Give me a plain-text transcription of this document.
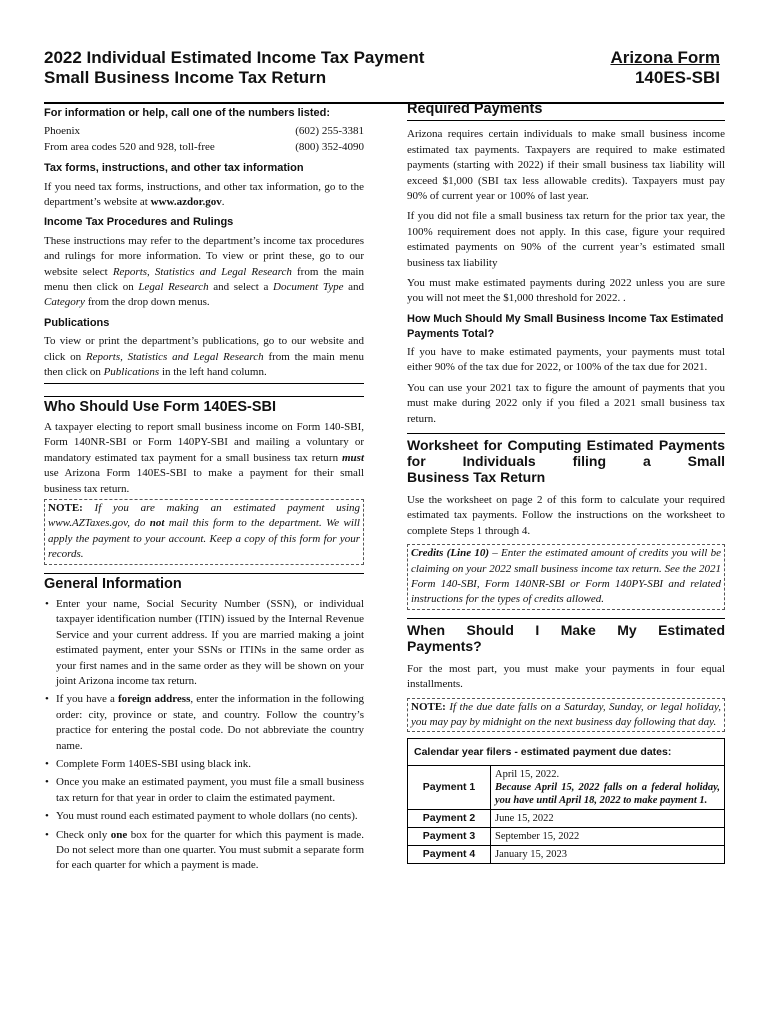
2022 Individual Estimated Income Tax Payment
Small Business Income Tax Return
Arizona Form
140ES-SBI
For information or help, call one of the numbers listed:
Phoenix	(602) 255-3381
From area codes 520 and 928, toll-free	(800) 352-4090
Tax forms, instructions, and other tax information

If you need tax forms, instructions, and other tax information, go to the department’s website at www.azdor.gov.

Income Tax Procedures and Rulings

These instructions may refer to the department’s income tax procedures and rulings for more information. To view or print these, go to our website select Reports, Statistics and Legal Research from the main menu then click on Legal Research and select a Document Type and Category from the drop down menus.

Publications

To view or print the department’s publications, go to our website and click on Reports, Statistics and Legal Research from the main menu then click on Publications in the left hand column.

Who Should Use Form 140ES-SBI

A taxpayer electing to report small business income on Form 140-SBI, Form 140NR-SBI or Form 140PY-SBI and mailing a voluntary or mandatory estimated tax payment for a small business tax return must use Arizona Form 140ES-SBI to make a payment for their small business tax return.

NOTE: If you are making an estimated payment using www.AZTaxes.gov, do not mail this form to the department. We will apply the payment to your account. Keep a copy of this form for your records.
General Information
• Enter your name, Social Security Number (SSN), or individual taxpayer identification number (ITIN) issued by the Internal Revenue Service and your current address. If you are married making a joint estimated payment, enter your SSNs or ITINs in the same order as your first names and in the same order as they will be shown on your joint Arizona income tax return.
• If you have a foreign address, enter the information in the following order: city, province or state, and country. Follow the country’s practice for entering the postal code. Do not abbreviate the country name.
• Complete Form 140ES-SBI using black ink.
• Once you make an estimated payment, you must file a small business tax return for that year in order to claim the estimated payment.
• You must round each estimated payment to whole dollars (no cents).
• Check only one box for the quarter for which this payment is made. Do not select more than one quarter. You must submit a separate form for each quarter for which a payment is made.
Required Payments

Arizona requires certain individuals to make small business income estimated tax payments. Taxpayers are required to make estimated payments (starting with 2022) if their small business tax liability will exceed $1,000 (SBI tax less allowable credits). Taxpayers must pay 90% of current year or 100% of last year.

If you did not file a small business tax return for the prior tax year, the 100% requirement does not apply. In this case, figure your required estimated payments on 90% of the current year’s estimated small business tax liability

You must make estimated payments during 2022 unless you are sure you will not meet the $1,000 threshold for 2022. .

How Much Should My Small Business Income Tax Estimated Payments Total?

If you have to make estimated payments, your payments must total either 90% of the tax due for 2022, or 100% of the tax due for 2021.

You can use your 2021 tax to figure the amount of payments that you must make during 2022 only if you filed a 2021 small business tax return.

Worksheet for Computing Estimated Payments for Individuals filing a Small
Business Tax Return

Use the worksheet on page 2 of this form to calculate your required estimated tax payments. Follow the instructions on the worksheet to complete Steps 1 through 4.

Credits (Line 10) – Enter the estimated amount of credits you will be claiming on your 2022 small business income tax return. See the 2021 Form 140-SBI, Form 140NR-SBI or Form 140PY-SBI and related instructions for the types of credits allowed.
When Should I Make My Estimated
Payments?

For the most part, you must make your payments in four equal installments.

NOTE: If the due date falls on a Saturday, Sunday, or legal holiday, you may pay by midnight on the next business day following that day.
Calendar year filers - estimated payment due dates:
Payment 1	April 15, 2022.
Because April 15, 2022 falls on a federal holiday, you have until April 18, 2022 to make payment 1.

Payment 2	June 15, 2022
Payment 3	September 15, 2022
Payment 4	January 15, 2023
